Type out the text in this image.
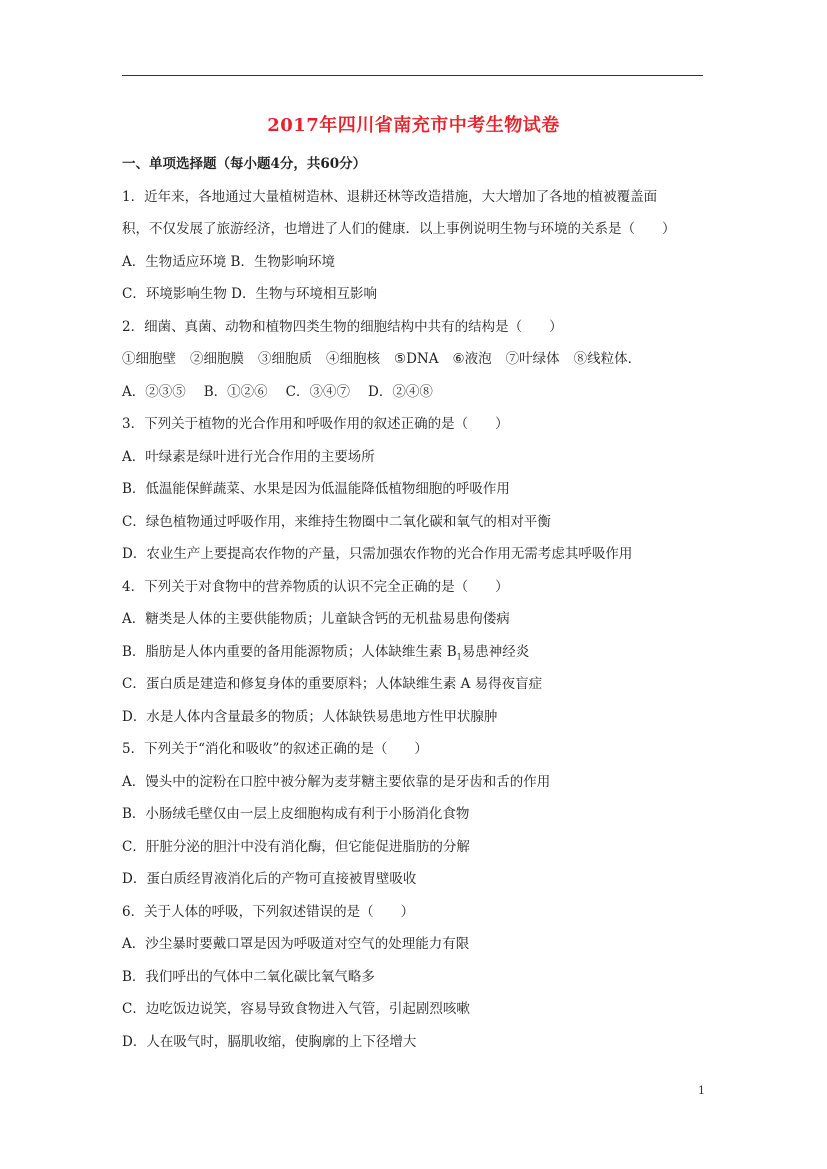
2017年四川省南充市中考生物试卷
一、单项选择题（每小题4分，共60分）
1．近年来，各地通过大量植树造林、退耕还林等改造措施，大大增加了各地的植被覆盖面
积，不仅发展了旅游经济，也增进了人们的健康．以上事例说明生物与环境的关系是（　　）
A．生物适应环境 B．生物影响环境
C．环境影响生物 D．生物与环境相互影响
2．细菌、真菌、动物和植物四类生物的细胞结构中共有的结构是（　　）
①细胞壁 ②细胞膜 ③细胞质 ④细胞核 ⑤DNA ⑥液泡 ⑦叶绿体 ⑧线粒体．
A．②③⑤ B．①②⑥ C．③④⑦ D．②④⑧
3．下列关于植物的光合作用和呼吸作用的叙述正确的是（　　）
A．叶绿素是绿叶进行光合作用的主要场所
B．低温能保鲜蔬菜、水果是因为低温能降低植物细胞的呼吸作用
C．绿色植物通过呼吸作用，来维持生物圈中二氧化碳和氧气的相对平衡
D．农业生产上要提高农作物的产量，只需加强农作物的光合作用无需考虑其呼吸作用
4．下列关于对食物中的营养物质的认识不完全正确的是（　　）
A．糖类是人体的主要供能物质；儿童缺含钙的无机盐易患佝偻病
B．脂肪是人体内重要的备用能源物质；人体缺维生素 $B_1$易患神经炎
C．蛋白质是建造和修复身体的重要原料；人体缺维生素 A 易得夜盲症
D．水是人体内含量最多的物质；人体缺铁易患地方性甲状腺肿
5．下列关于“消化和吸收”的叙述正确的是（　　）
A．馒头中的淀粉在口腔中被分解为麦芽糖主要依靠的是牙齿和舌的作用
B．小肠绒毛壁仅由一层上皮细胞构成有利于小肠消化食物
C．肝脏分泌的胆汁中没有消化酶，但它能促进脂肪的分解
D．蛋白质经胃液消化后的产物可直接被胃壁吸收
6．关于人体的呼吸，下列叙述错误的是（　　）
A．沙尘暴时要戴口罩是因为呼吸道对空气的处理能力有限
B．我们呼出的气体中二氧化碳比氧气略多
C．边吃饭边说笑，容易导致食物进入气管，引起剧烈咳嗽
D．人在吸气时，膈肌收缩，使胸廓的上下径增大
1
